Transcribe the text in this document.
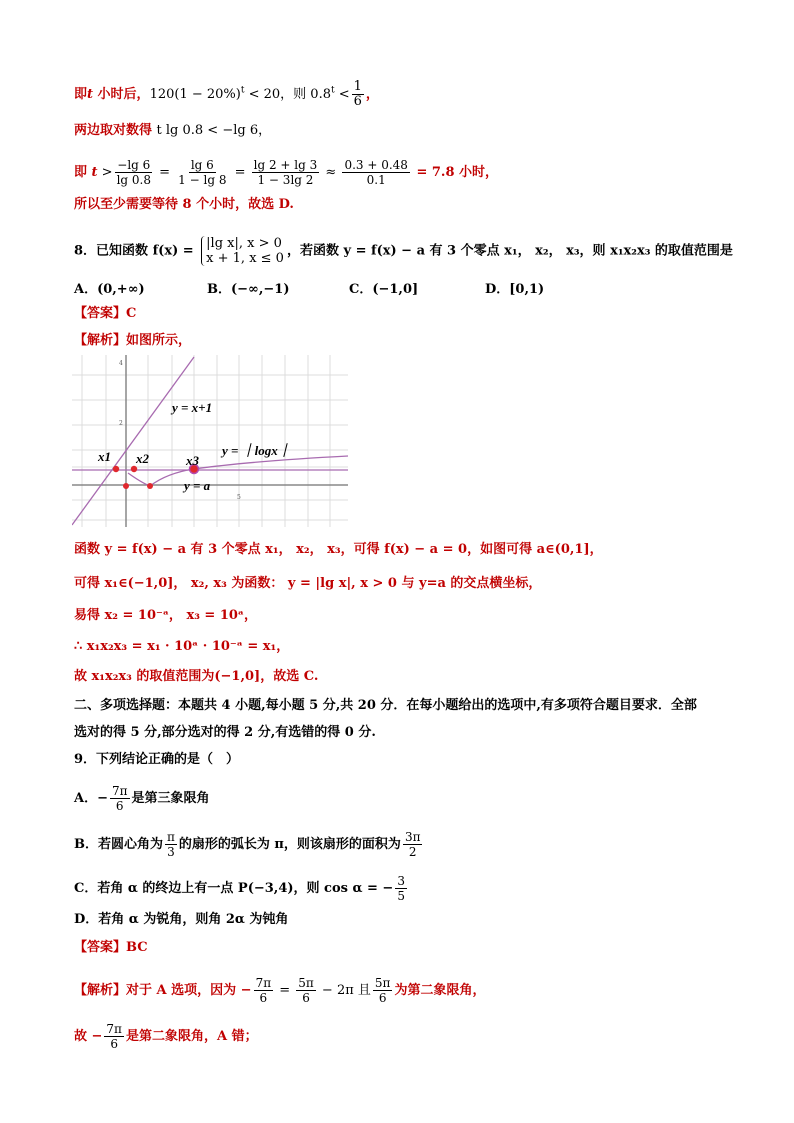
即t 小时后，$120(1 - 20\%)^t < 20$，则 $0.8^t < \frac{1}{6}$ ，
两边取对数得 t lg 0.8 < −lg 6，
即 $t > \frac{-\lg 6}{\lg 0.8} = \frac{\lg 6}{1 - \lg 8} = \frac{\lg 2 + \lg 3}{1 - 3\lg 2} \approx \frac{0.3 + 0.48}{0.1} = 7.8$ 小时，
所以至少需要等待 8 个小时，故选 D.
8．已知函数 f(x) = |lg x|, x > 0
x + 1, x ≤ 0 ，若函数 y = f(x) − a 有 3 个零点 x₁， x₂， x₃，则 x₁x₂x₃ 的取值范围是
A．(0,+∞)	B．(−∞,−1)	C．(−1,0]	D．[0,1)
【答案】C
【解析】如图所示，
4
2
5
y = x+1
y = ｜logx｜
y = a
x1 x2	x3
函数 y = f(x) − a 有 3 个零点 x₁， x₂， x₃，可得 f(x) − a = 0，如图可得 a∈(0,1]，
可得 x₁∈(−1,0]， x₂, x₃ 为函数： y = |lg x|, x > 0 与 y=a 的交点横坐标，
易得 x₂ = 10⁻ᵃ， x₃ = 10ᵃ，
∴ x₁x₂x₃ = x₁ · 10ᵃ · 10⁻ᵃ = x₁，
故 x₁x₂x₃ 的取值范围为(−1,0]，故选 C.
二、多项选择题：本题共 4 小题,每小题 5 分,共 20 分．在每小题给出的选项中,有多项符合题目要求．全部
选对的得 5 分,部分选对的得 2 分,有选错的得 0 分.
9．下列结论正确的是（　）
A．− $\frac{7\pi}{6}$ 是第三象限角
B．若圆心角为 $\frac{\pi}{3}$ 的扇形的弧长为 π，则该扇形的面积为 $\frac{3\pi}{2}$
C．若角 α 的终边上有一点 P(−3,4)，则 cos α = − $\frac{3}{5}$
D．若角 α 为锐角，则角 2α 为钝角
【答案】BC
【解析】对于 A 选项，因为 − $\frac{7\pi}{6} = \frac{5\pi}{6} - 2\pi$ 且 $\frac{5\pi}{6}$ 为第二象限角，
故 − $\frac{7\pi}{6}$ 是第二象限角，A 错；
